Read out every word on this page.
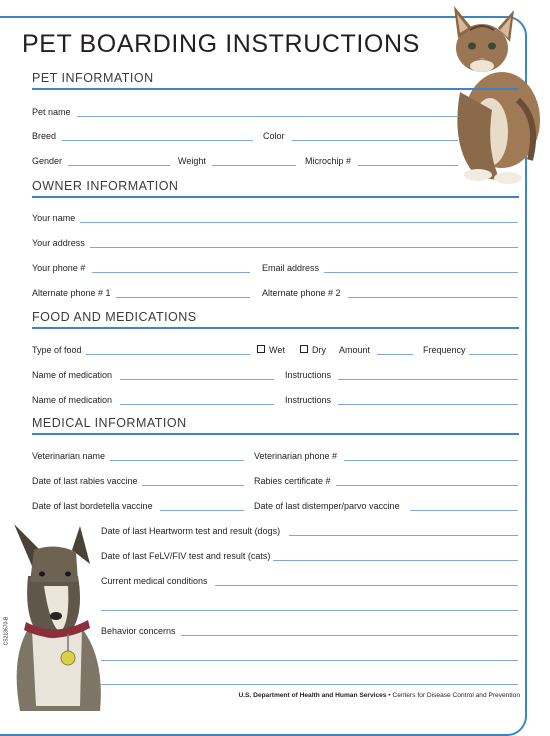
PET BOARDING INSTRUCTIONS
PET INFORMATION
Pet name
Breed	Color
Gender	Weight	Microchip #
OWNER INFORMATION
Your name
Your address
Your phone #	Email address
Alternate phone # 1	Alternate phone # 2
FOOD AND MEDICATIONS
Type of food	Wet	Dry Amount	Frequency
Name of medication	Instructions
Name of medication	Instructions
MEDICAL INFORMATION
Veterinarian name	Veterinarian phone #
Date of last rabies vaccine	Rabies certificate #
Date of last bordetella vaccine	Date of last distemper/parvo vaccine
Date of last Heartworm test and result (dogs)
Date of last FeLV/FIV test and result (cats)
Current medical conditions
Behavior concerns
CS213670-B
U.S. Department of Health and Human Services • Centers for Disease Control and Prevention
